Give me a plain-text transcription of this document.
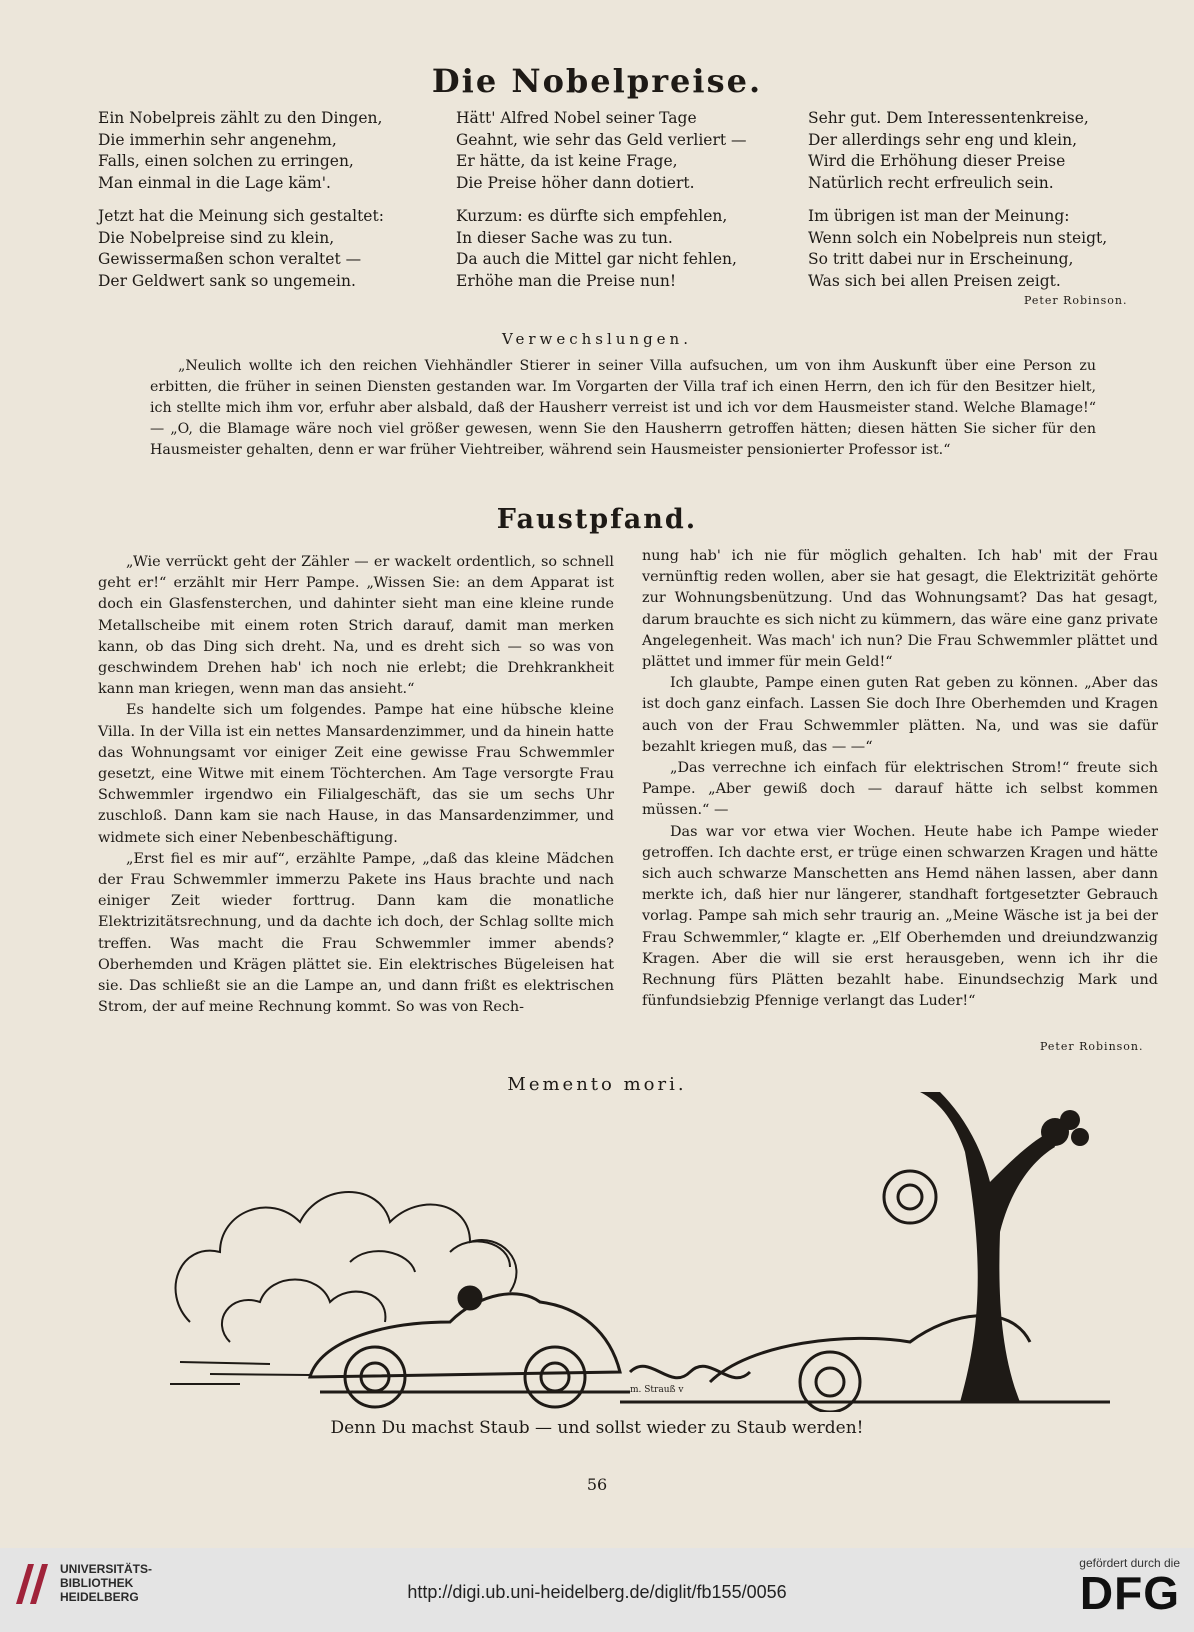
Die Nobelpreise.
Ein Nobelpreis zählt zu den Dingen,
Die immerhin sehr angenehm,
Falls, einen solchen zu erringen,
Man einmal in die Lage käm'.
Jetzt hat die Meinung sich gestaltet:
Die Nobelpreise sind zu klein,
Gewissermaßen schon veraltet —
Der Geldwert sank so ungemein.
Hätt' Alfred Nobel seiner Tage
Geahnt, wie sehr das Geld verliert —
Er hätte, da ist keine Frage,
Die Preise höher dann dotiert.
Kurzum: es dürfte sich empfehlen,
In dieser Sache was zu tun.
Da auch die Mittel gar nicht fehlen,
Erhöhe man die Preise nun!
Sehr gut. Dem Interessentenkreise,
Der allerdings sehr eng und klein,
Wird die Erhöhung dieser Preise
Natürlich recht erfreulich sein.
Im übrigen ist man der Meinung:
Wenn solch ein Nobelpreis nun steigt,
So tritt dabei nur in Erscheinung,
Was sich bei allen Preisen zeigt.
Peter Robinson.
Verwechslungen.

„Neulich wollte ich den reichen Viehhändler Stierer in seiner Villa aufsuchen, um von ihm Auskunft über eine Person zu erbitten, die früher in seinen Diensten gestanden war. Im Vorgarten der Villa traf ich einen Herrn, den ich für den Besitzer hielt, ich stellte mich ihm vor, erfuhr aber alsbald, daß der Hausherr verreist ist und ich vor dem Hausmeister stand. Welche Blamage!“ — „O, die Blamage wäre noch viel größer gewesen, wenn Sie den Hausherrn getroffen hätten; diesen hätten Sie sicher für den Hausmeister gehalten, denn er war früher Viehtreiber, während sein Hausmeister pensionierter Professor ist.“

Faustpfand.

„Wie verrückt geht der Zähler — er wackelt ordentlich, so schnell geht er!“ erzählt mir Herr Pampe. „Wissen Sie: an dem Apparat ist doch ein Glasfensterchen, und dahinter sieht man eine kleine runde Metallscheibe mit einem roten Strich darauf, damit man merken kann, ob das Ding sich dreht. Na, und es dreht sich — so was von geschwindem Drehen hab' ich noch nie erlebt; die Drehkrankheit kann man kriegen, wenn man das ansieht.“

Es handelte sich um folgendes. Pampe hat eine hübsche kleine Villa. In der Villa ist ein nettes Mansardenzimmer, und da hinein hatte das Wohnungsamt vor einiger Zeit eine gewisse Frau Schwemmler gesetzt, eine Witwe mit einem Töchterchen. Am Tage versorgte Frau Schwemmler irgendwo ein Filialgeschäft, das sie um sechs Uhr zuschloß. Dann kam sie nach Hause, in das Mansardenzimmer, und widmete sich einer Nebenbeschäftigung.

„Erst fiel es mir auf“, erzählte Pampe, „daß das kleine Mädchen der Frau Schwemmler immerzu Pakete ins Haus brachte und nach einiger Zeit wieder forttrug. Dann kam die monatliche Elektrizitätsrechnung, und da dachte ich doch, der Schlag sollte mich treffen. Was macht die Frau Schwemmler immer abends? Oberhemden und Krägen plättet sie. Ein elektrisches Bügeleisen hat sie. Das schließt sie an die Lampe an, und dann frißt es elektrischen Strom, der auf meine Rechnung kommt. So was von Rech-

nung hab' ich nie für möglich gehalten. Ich hab' mit der Frau vernünftig reden wollen, aber sie hat gesagt, die Elektrizität gehörte zur Wohnungsbenützung. Und das Wohnungsamt? Das hat gesagt, darum brauchte es sich nicht zu kümmern, das wäre eine ganz private Angelegenheit. Was mach' ich nun? Die Frau Schwemmler plättet und plättet und immer für mein Geld!“

Ich glaubte, Pampe einen guten Rat geben zu können. „Aber das ist doch ganz einfach. Lassen Sie doch Ihre Oberhemden und Kragen auch von der Frau Schwemmler plätten. Na, und was sie dafür bezahlt kriegen muß, das — —“

„Das verrechne ich einfach für elektrischen Strom!“ freute sich Pampe. „Aber gewiß doch — darauf hätte ich selbst kommen müssen.“ —

Das war vor etwa vier Wochen. Heute habe ich Pampe wieder getroffen. Ich dachte erst, er trüge einen schwarzen Kragen und hätte sich auch schwarze Manschetten ans Hemd nähen lassen, aber dann merkte ich, daß hier nur längerer, standhaft fortgesetzter Gebrauch vorlag. Pampe sah mich sehr traurig an. „Meine Wäsche ist ja bei der Frau Schwemmler,“ klagte er. „Elf Oberhemden und dreiundzwanzig Kragen. Aber die will sie erst herausgeben, wenn ich ihr die Rechnung fürs Plätten bezahlt habe. Einundsechzig Mark und fünfundsiebzig Pfennige verlangt das Luder!“

Peter Robinson.
Memento mori.
m. Strauß v
Denn Du machst Staub — und sollst wieder zu Staub werden!
56
UNIVERSITÄTS-
BIBLIOTHEK
HEIDELBERG	http://digi.ub.uni-heidelberg.de/diglit/fb155/0056
gefördert durch die
DFG
